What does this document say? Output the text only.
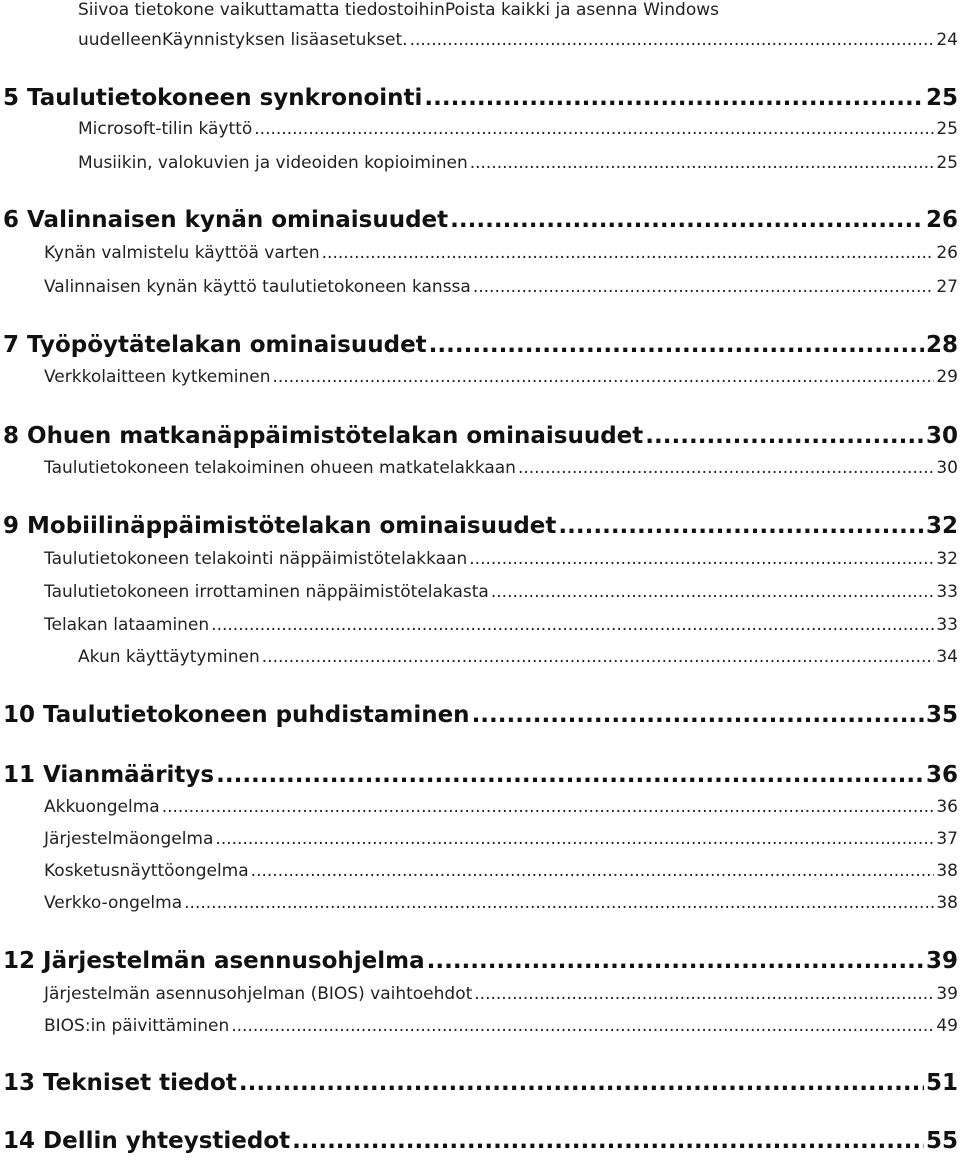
Siivoa tietokone vaikuttamatta tiedostoihinPoista kaikki ja asenna Windows
uudelleenKäynnistyksen lisäasetukset. .....	24
5 Taulutietokoneen synkronointi .....	25
Microsoft-tilin käyttö .....	25
Musiikin, valokuvien ja videoiden kopioiminen .....	25
6 Valinnaisen kynän ominaisuudet .....	26
Kynän valmistelu käyttöä varten .....	26
Valinnaisen kynän käyttö taulutietokoneen kanssa .....	27
7 Työpöytätelakan ominaisuudet .....	28
Verkkolaitteen kytkeminen .....	29
8 Ohuen matkanäppäimistötelakan ominaisuudet .....	30
Taulutietokoneen telakoiminen ohueen matkatelakkaan .....	30
9 Mobiilinäppäimistötelakan ominaisuudet .....	32
Taulutietokoneen telakointi näppäimistötelakkaan .....	32
Taulutietokoneen irrottaminen näppäimistötelakasta .....	33
Telakan lataaminen .....	33
Akun käyttäytyminen .....	34
10 Taulutietokoneen puhdistaminen .....	35
11 Vianmääritys .....	36
Akkuongelma .....	36
Järjestelmäongelma .....	37
Kosketusnäyttöongelma .....	38
Verkko-ongelma .....	38
12 Järjestelmän asennusohjelma .....	39
Järjestelmän asennusohjelman (BIOS) vaihtoehdot .....	39
BIOS:in päivittäminen .....	49
13 Tekniset tiedot .....	51
14 Dellin yhteystiedot .....	55
